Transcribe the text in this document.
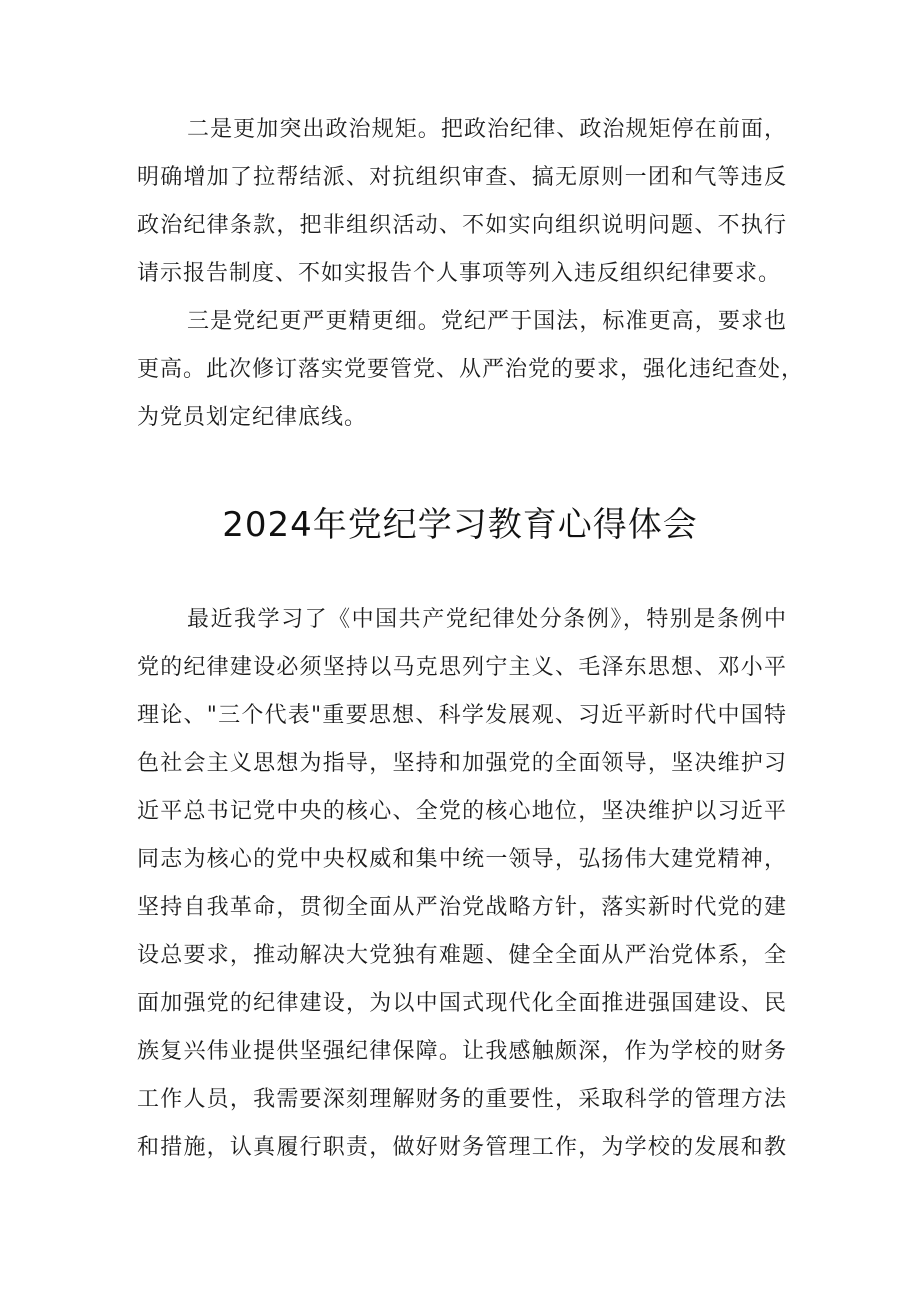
二是更加突出政治规矩。把政治纪律、政治规矩停在前面，
明确增加了拉帮结派、对抗组织审查、搞无原则一团和气等违反
政治纪律条款，把非组织活动、不如实向组织说明问题、不执行
请示报告制度、不如实报告个人事项等列入违反组织纪律要求。
三是党纪更严更精更细。党纪严于国法，标准更高，要求也
更高。此次修订落实党要管党、从严治党的要求，强化违纪查处，
为党员划定纪律底线。
2024年党纪学习教育心得体会
最近我学习了《中国共产党纪律处分条例》，特别是条例中
党的纪律建设必须坚持以马克思列宁主义、毛泽东思想、邓小平
理论、"三个代表"重要思想、科学发展观、习近平新时代中国特
色社会主义思想为指导，坚持和加强党的全面领导，坚决维护习
近平总书记党中央的核心、全党的核心地位，坚决维护以习近平
同志为核心的党中央权威和集中统一领导，弘扬伟大建党精神，
坚持自我革命，贯彻全面从严治党战略方针，落实新时代党的建
设总要求，推动解决大党独有难题、健全全面从严治党体系，全
面加强党的纪律建设，为以中国式现代化全面推进强国建设、民
族复兴伟业提供坚强纪律保障。让我感触颇深，作为学校的财务
工作人员，我需要深刻理解财务的重要性，采取科学的管理方法
和措施，认真履行职责，做好财务管理工作，为学校的发展和教
